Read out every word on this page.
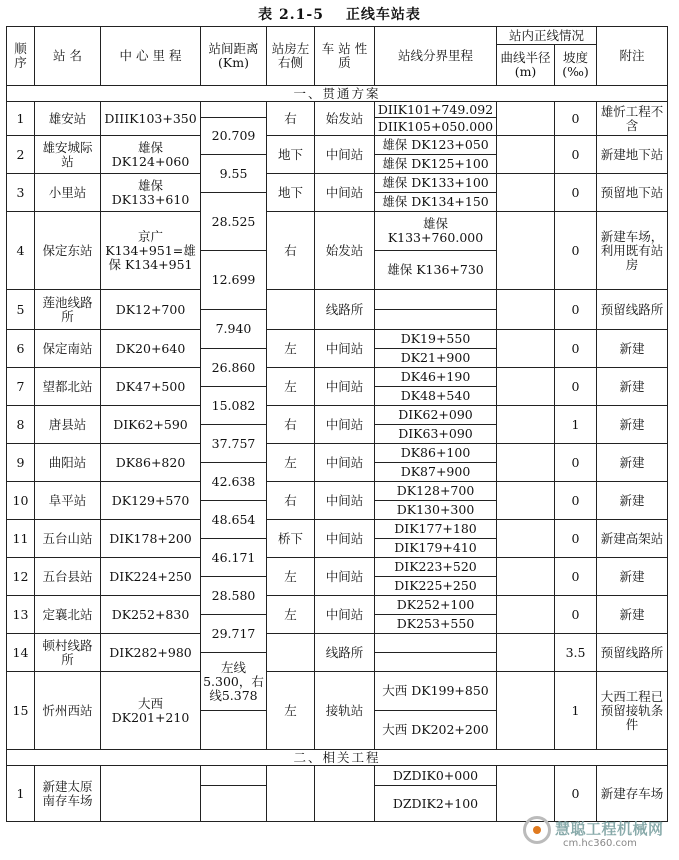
表 2.1-5 正线车站表
顺序	站 名	中 心 里 程	站间距离(Km)	站房左右侧	车 站 性 质	站线分界里程	站内正线情况		附注
							曲线半径(m)	坡度(‰)	
一、贯通方案									
1	雄安站	DIIIK103+350		右	始发站	DIIK101+749.092		0	雄忻工程不含

			20.709			DIIK105+050.000			

2	雄安城际站	雄保DK124+060		地下	中间站	雄保 DK123+050		0	新建地下站

			9.55			雄保 DK125+100			

3	小里站	雄保DK133+610		地下	中间站	雄保 DK133+100		0	预留地下站

			28.525			雄保 DK134+150			

4	保定东站	京广K134+951=雄保 K134+951		右	始发站	雄保K133+760.000		0	新建车场，利用既有站房

			12.699			雄保 K136+730			

5	莲池线路所	DK12+700			线路所			0	预留线路所

			7.940						

6	保定南站	DK20+640		左	中间站	DK19+550		0	新建

			26.860			DK21+900			

7	望都北站	DK47+500		左	中间站	DK46+190		0	新建

			15.082			DK48+540			

8	唐县站	DIK62+590		右	中间站	DIK62+090		1	新建

			37.757			DIK63+090			

9	曲阳站	DK86+820		左	中间站	DK86+100		0	新建

			42.638			DK87+900			

10	阜平站	DK129+570		右	中间站	DK128+700		0	新建

			48.654			DK130+300			

11	五台山站	DIK178+200		桥下	中间站	DIK177+180		0	新建高架站

			46.171			DIK179+410			

12	五台县站	DIK224+250		左	中间站	DIK223+520		0	新建

			28.580			DIK225+250			

13	定襄北站	DK252+830		左	中间站	DK252+100		0	新建

			29.717			DK253+550			

14	顿村线路所	DIK282+980			线路所			3.5	预留线路所

			左线5.300，右线5.378						

15	忻州西站	大西 DK201+210		左	接轨站	大西 DK199+850		1	大西工程已预留接轨条件

						大西 DK202+200			

二、相关工程									
1	新建太原南存车场					DZDIK0+000		0	新建存车场
						DZDIK2+100			
慧聪工程机械网
cm.hc360.com
